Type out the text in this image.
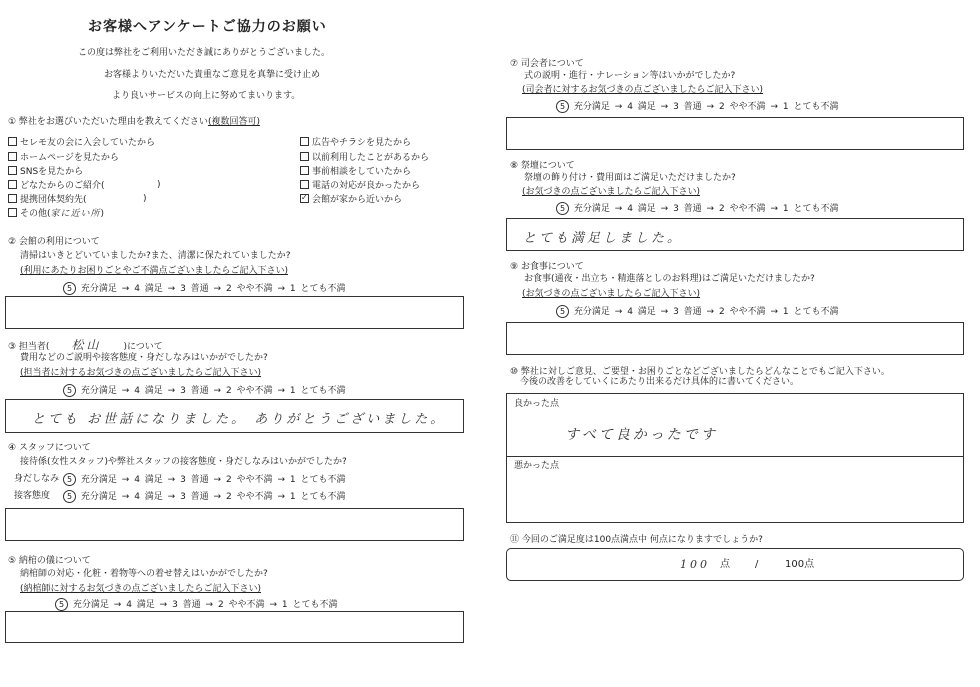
お客様へアンケートご協力のお願い
この度は弊社をご利用いただき誠にありがとうございました。
お客様よりいただいた貴重なご意見を真摯に受け止め
より良いサービスの向上に努めてまいります。
① 弊社をお選びいただいた理由を教えてください(複数回答可)
セレモ友の会に入会していたから
ホームページを見たから
SNSを見たから
どなたからのご紹介(	)
提携団体契約先(	)
その他(家に近い所)
広告やチラシを見たから
以前利用したことがあるから
事前相談をしていたから
電話の対応が良かったから
✓会館が家から近いから
② 会館の利用について
清掃はいきとどいていましたか?また、清潔に保たれていましたか?
(利用にあたりお困りごとやご不満点ございましたらご記入下さい)
5 充分満足 → 4 満足 → 3 普通 → 2 やや不満 → 1 とても不満
③ 担当者( 松山 )について
費用などのご説明や接客態度・身だしなみはいかがでしたか?
(担当者に対するお気づきの点ございましたらご記入下さい)
5 充分満足 → 4 満足 → 3 普通 → 2 やや不満 → 1 とても不満
とても お世話になりました。 ありがとうございました。
④ スタッフについて
接待係(女性スタッフ)や弊社スタッフの接客態度・身だしなみはいかがでしたか?
身だしなみ 5 充分満足 → 4 満足 → 3 普通 → 2 やや不満 → 1 とても不満
接客態度	5 充分満足 → 4 満足 → 3 普通 → 2 やや不満 → 1 とても不満
⑤ 納棺の儀について
納棺師の対応・化粧・着物等への着せ替えはいかがでしたか?
(納棺師に対するお気づきの点ございましたらご記入下さい)
5 充分満足 → 4 満足 → 3 普通 → 2 やや不満 → 1 とても不満
⑦ 司会者について
式の説明・進行・ナレーション等はいかがでしたか?
(司会者に対するお気づきの点ございましたらご記入下さい)
5 充分満足 → 4 満足 → 3 普通 → 2 やや不満 → 1 とても不満
⑧ 祭壇について
祭壇の飾り付け・費用面はご満足いただけましたか?
(お気づきの点ございましたらご記入下さい)
5 充分満足 → 4 満足 → 3 普通 → 2 やや不満 → 1 とても不満
とても満足しました。
⑨ お食事について
お食事(通夜・出立ち・精進落としのお料理)はご満足いただけましたか?
(お気づきの点ございましたらご記入下さい)
5 充分満足 → 4 満足 → 3 普通 → 2 やや不満 → 1 とても不満
⑩ 弊社に対しご意見、ご要望・お困りごとなどございましたらどんなことでもご記入下さい。
今後の改善をしていくにあたり出来るだけ具体的に書いてください。
良かった点
すべて良かったです
悪かった点
⑪ 今回のご満足度は100点満点中 何点になりますでしょうか?
100 点	/	100点
